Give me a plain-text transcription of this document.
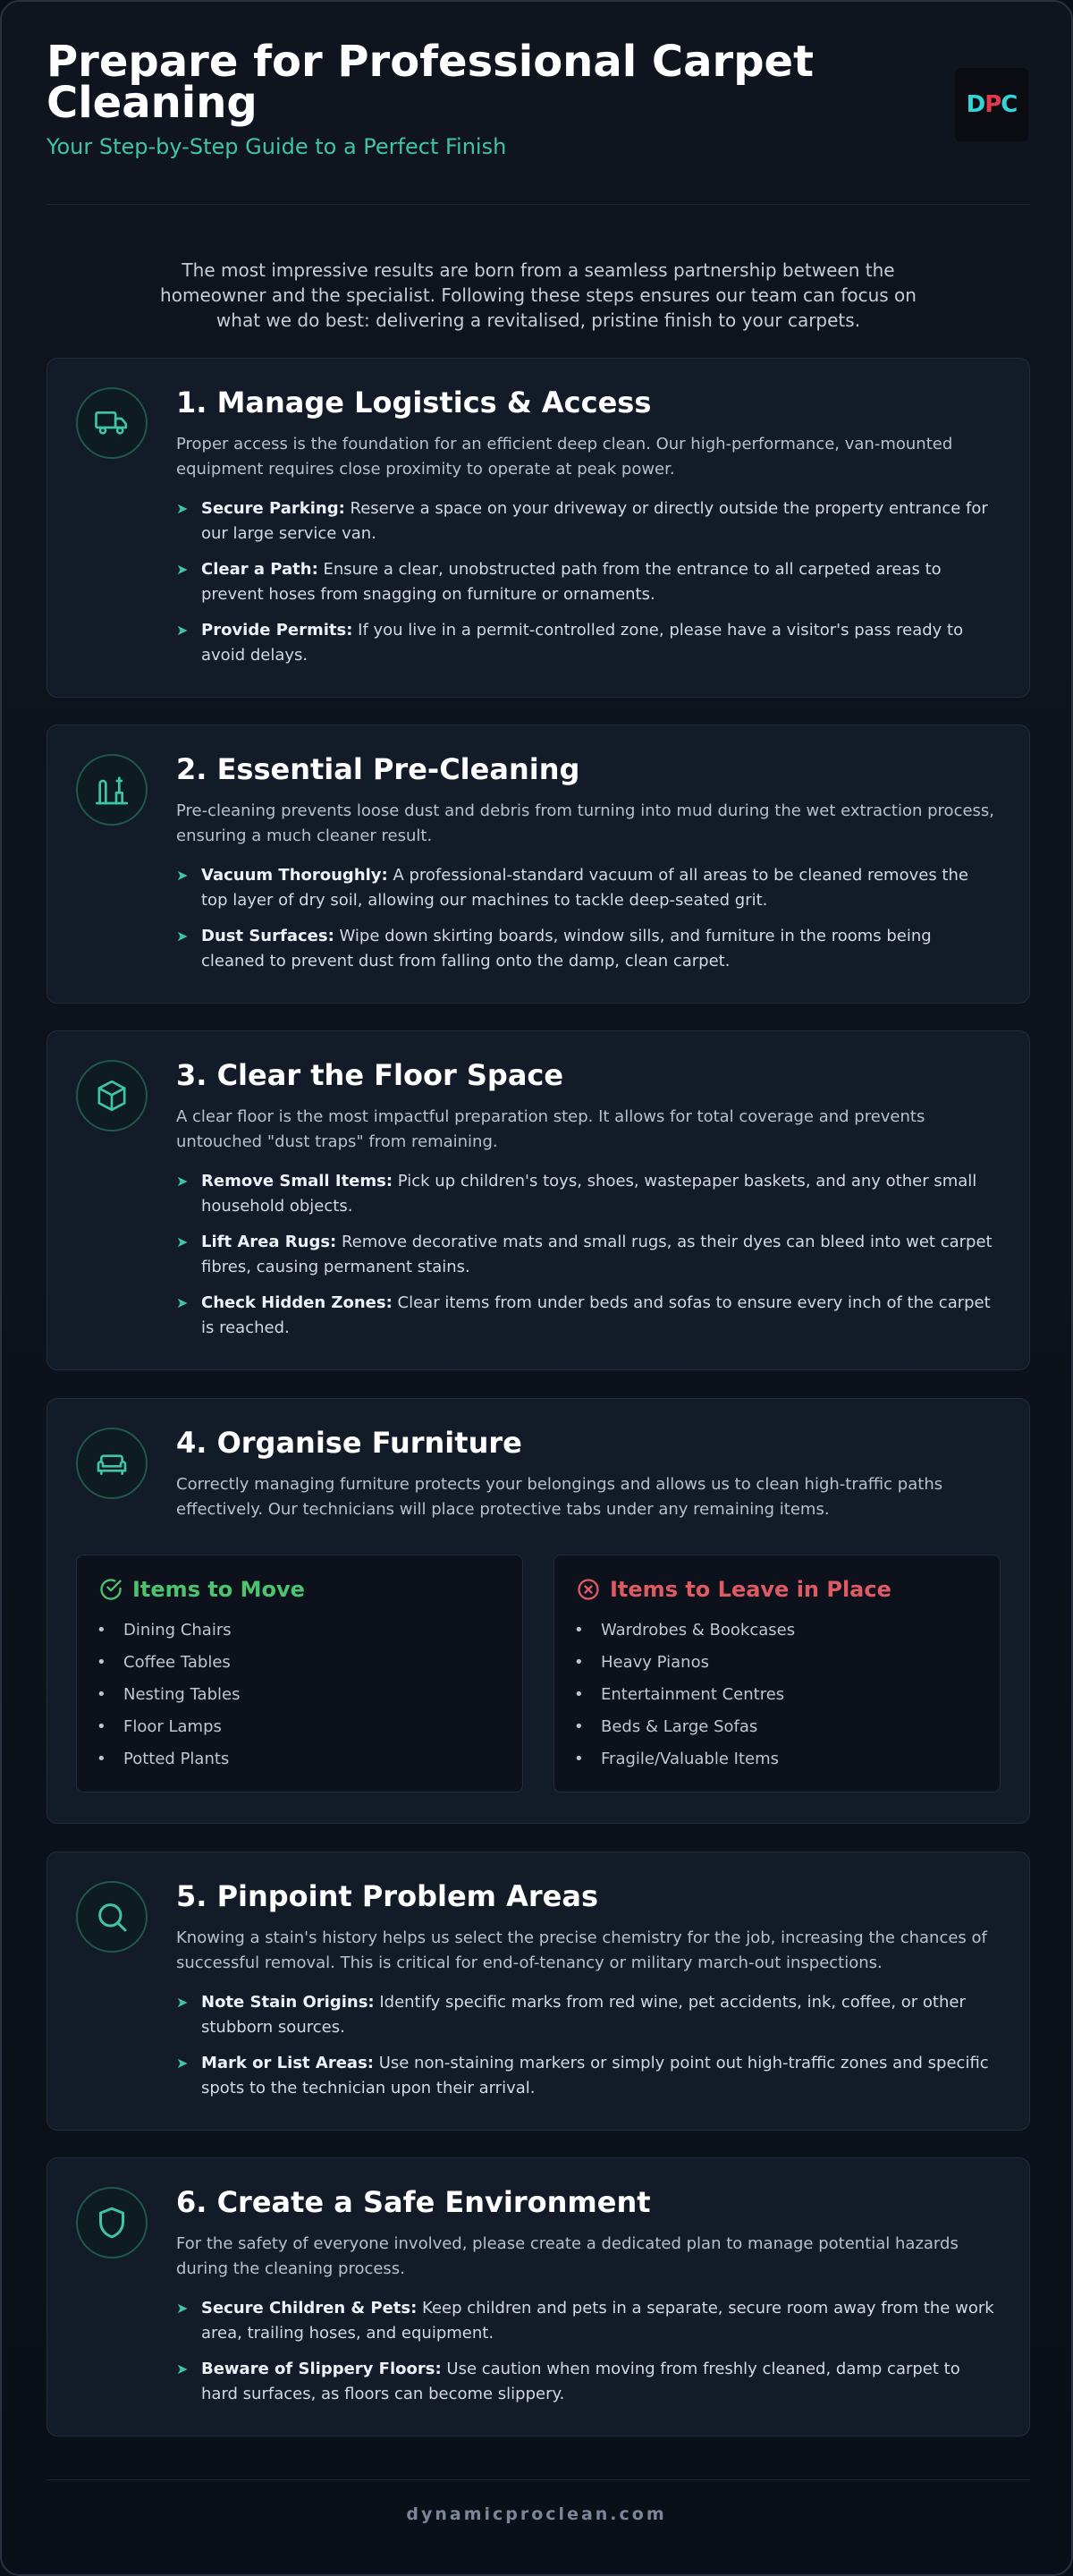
Prepare for Professional Carpet Cleaning
Your Step-by-Step Guide to a Perfect Finish
D P C

The most impressive results are born from a seamless partnership between the homeowner and the specialist. Following these steps ensures our team can focus on what we do best: delivering a revitalised, pristine finish to your carpets.

1. Manage Logistics & Access

Proper access is the foundation for an efficient deep clean. Our high-performance, van-mounted equipment requires close proximity to operate at peak power.

➤ Secure Parking: Reserve a space on your driveway or directly outside the property entrance for our large service van.
➤ Clear a Path: Ensure a clear, unobstructed path from the entrance to all carpeted areas to prevent hoses from snagging on furniture or ornaments.
➤ Provide Permits: If you live in a permit-controlled zone, please have a visitor's pass ready to avoid delays.
2. Essential Pre-Cleaning

Pre-cleaning prevents loose dust and debris from turning into mud during the wet extraction process, ensuring a much cleaner result.

➤ Vacuum Thoroughly: A professional-standard vacuum of all areas to be cleaned removes the top layer of dry soil, allowing our machines to tackle deep-seated grit.
➤ Dust Surfaces: Wipe down skirting boards, window sills, and furniture in the rooms being cleaned to prevent dust from falling onto the damp, clean carpet.
3. Clear the Floor Space

A clear floor is the most impactful preparation step. It allows for total coverage and prevents untouched "dust traps" from remaining.

➤ Remove Small Items: Pick up children's toys, shoes, wastepaper baskets, and any other small household objects.
➤ Lift Area Rugs: Remove decorative mats and small rugs, as their dyes can bleed into wet carpet fibres, causing permanent stains.
➤ Check Hidden Zones: Clear items from under beds and sofas to ensure every inch of the carpet is reached.
4. Organise Furniture

Correctly managing furniture protects your belongings and allows us to clean high-traffic paths effectively. Our technicians will place protective tabs under any remaining items.

Items to Move
• Dining Chairs
• Coffee Tables
• Nesting Tables
• Floor Lamps
• Potted Plants
Items to Leave in Place
• Wardrobes & Bookcases
• Heavy Pianos
• Entertainment Centres
• Beds & Large Sofas
• Fragile/Valuable Items
5. Pinpoint Problem Areas

Knowing a stain's history helps us select the precise chemistry for the job, increasing the chances of successful removal. This is critical for end-of-tenancy or military march-out inspections.

➤ Note Stain Origins: Identify specific marks from red wine, pet accidents, ink, coffee, or other stubborn sources.
➤ Mark or List Areas: Use non-staining markers or simply point out high-traffic zones and specific spots to the technician upon their arrival.
6. Create a Safe Environment

For the safety of everyone involved, please create a dedicated plan to manage potential hazards during the cleaning process.

➤ Secure Children & Pets: Keep children and pets in a separate, secure room away from the work area, trailing hoses, and equipment.
➤ Beware of Slippery Floors: Use caution when moving from freshly cleaned, damp carpet to hard surfaces, as floors can become slippery.
dynamicproclean.com
